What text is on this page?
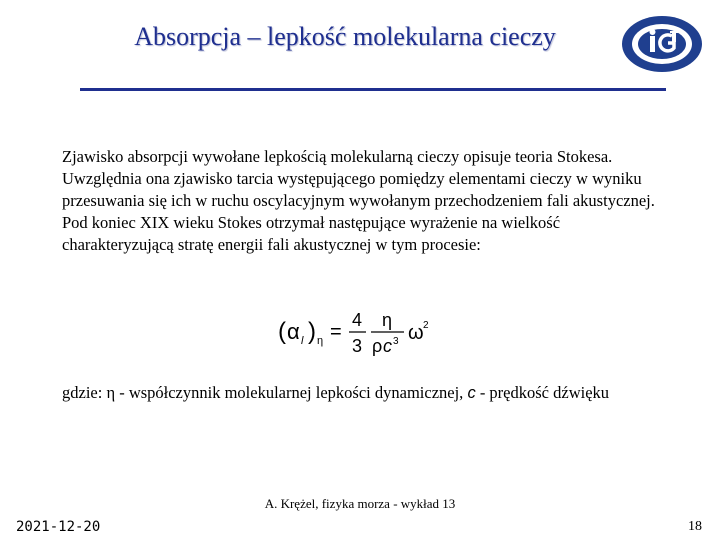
Absorpcja – lepkość molekularna cieczy
Zjawisko absorpcji wywołane lepkością molekularną cieczy opisuje teoria Stokesa. Uwzględnia ona zjawisko tarcia występującego pomiędzy elementami cieczy w wyniku przesuwania się ich w ruchu oscylacyjnym wywołanym przechodzeniem fali akustycznej. Pod koniec XIX wieku Stokes otrzymał następujące wyrażenie na wielkość charakteryzującą stratę energii fali akustycznej w tym procesie:
( α l ) η =
4
3
η
ρ c 3 ω 2
gdzie: η - współczynnik molekularnej lepkości dynamicznej, c - prędkość dźwięku
A. Krężel, fizyka morza - wykład 13
2021-12-20	18
